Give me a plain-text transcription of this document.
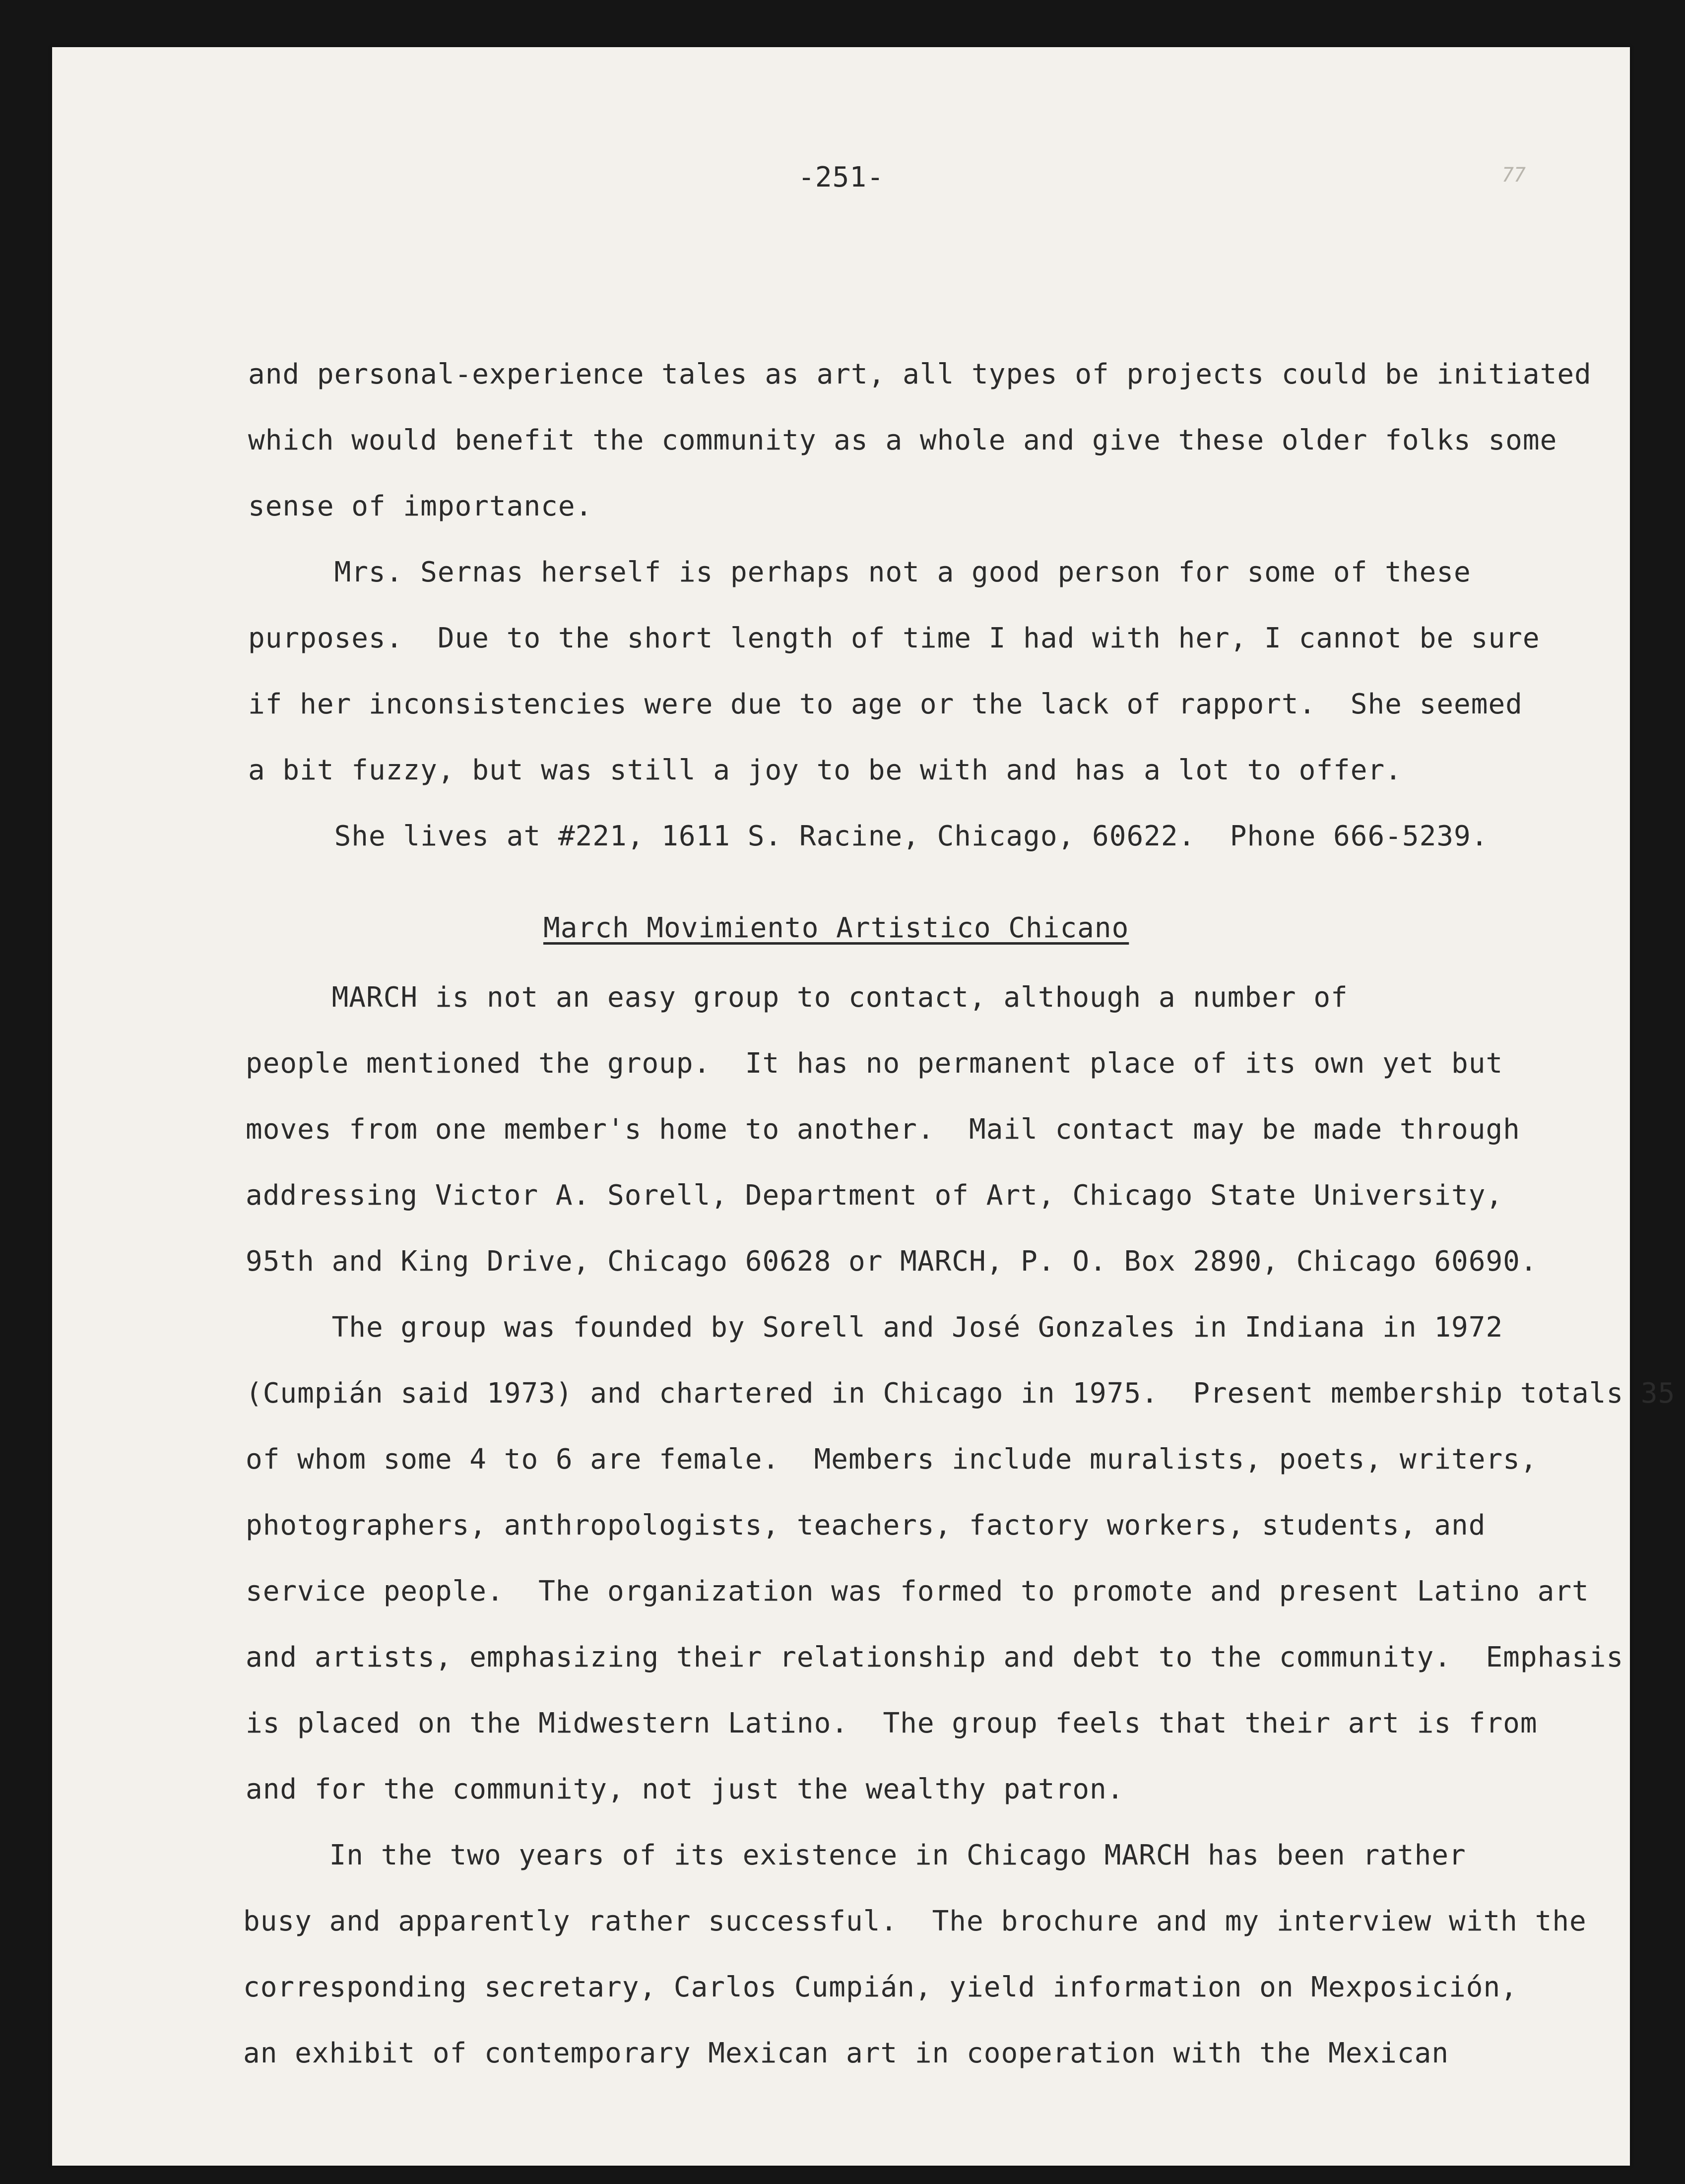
-251-	77
and personal-experience tales as art, all types of projects could be initiated
which would benefit the community as a whole and give these older folks some
sense of importance.
Mrs. Sernas herself is perhaps not a good person for some of these
purposes.  Due to the short length of time I had with her, I cannot be sure
if her inconsistencies were due to age or the lack of rapport.  She seemed
a bit fuzzy, but was still a joy to be with and has a lot to offer.
She lives at #221, 1611 S. Racine, Chicago, 60622.  Phone 666-5239.
March Movimiento Artistico Chicano
MARCH is not an easy group to contact, although a number of
people mentioned the group.  It has no permanent place of its own yet but
moves from one member's home to another.  Mail contact may be made through
addressing Victor A. Sorell, Department of Art, Chicago State University,
95th and King Drive, Chicago 60628 or MARCH, P. O. Box 2890, Chicago 60690.
The group was founded by Sorell and José Gonzales in Indiana in 1972
(Cumpián said 1973) and chartered in Chicago in 1975.  Present membership totals 35
of whom some 4 to 6 are female.  Members include muralists, poets, writers,
photographers, anthropologists, teachers, factory workers, students, and
service people.  The organization was formed to promote and present Latino art
and artists, emphasizing their relationship and debt to the community.  Emphasis
is placed on the Midwestern Latino.  The group feels that their art is from
and for the community, not just the wealthy patron.
In the two years of its existence in Chicago MARCH has been rather
busy and apparently rather successful.  The brochure and my interview with the
corresponding secretary, Carlos Cumpián, yield information on Mexposición,
an exhibit of contemporary Mexican art in cooperation with the Mexican
